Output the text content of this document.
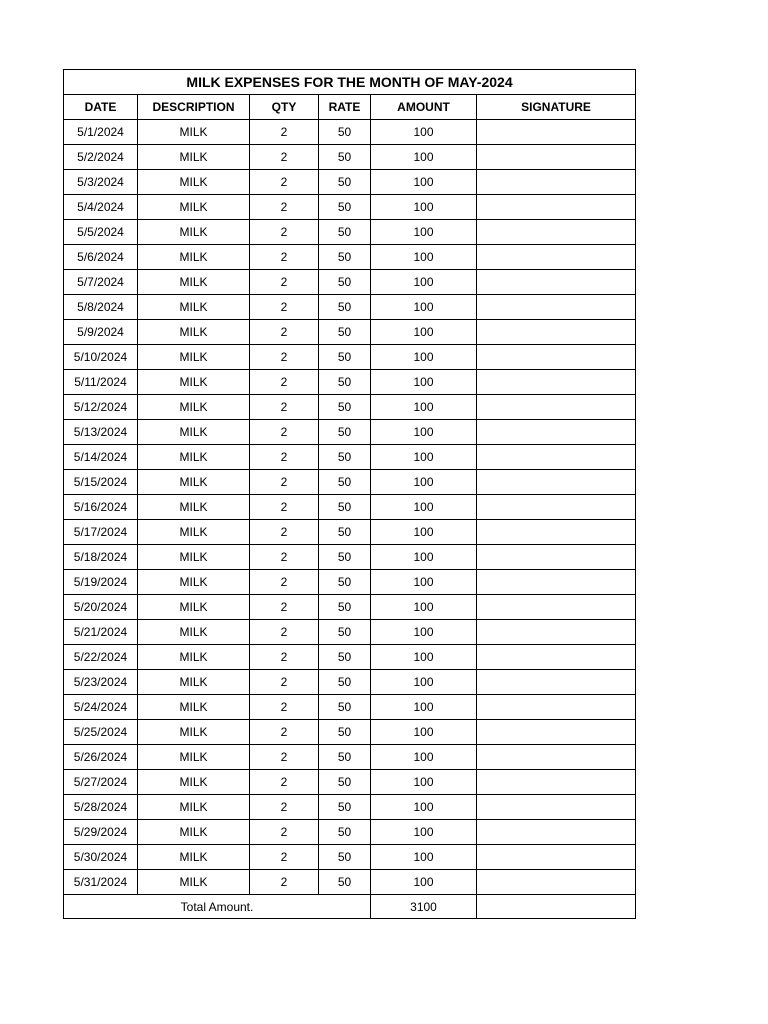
MILK EXPENSES FOR THE MONTH OF MAY-2024					
DATE	DESCRIPTION	QTY	RATE	AMOUNT	SIGNATURE
5/1/2024	MILK	2	50	100	
5/2/2024	MILK	2	50	100	
5/3/2024	MILK	2	50	100	
5/4/2024	MILK	2	50	100	
5/5/2024	MILK	2	50	100	
5/6/2024	MILK	2	50	100	
5/7/2024	MILK	2	50	100	
5/8/2024	MILK	2	50	100	
5/9/2024	MILK	2	50	100	
5/10/2024	MILK	2	50	100	
5/11/2024	MILK	2	50	100	
5/12/2024	MILK	2	50	100	
5/13/2024	MILK	2	50	100	
5/14/2024	MILK	2	50	100	
5/15/2024	MILK	2	50	100	
5/16/2024	MILK	2	50	100	
5/17/2024	MILK	2	50	100	
5/18/2024	MILK	2	50	100	
5/19/2024	MILK	2	50	100	
5/20/2024	MILK	2	50	100	
5/21/2024	MILK	2	50	100	
5/22/2024	MILK	2	50	100	
5/23/2024	MILK	2	50	100	
5/24/2024	MILK	2	50	100	
5/25/2024	MILK	2	50	100	
5/26/2024	MILK	2	50	100	
5/27/2024	MILK	2	50	100	
5/28/2024	MILK	2	50	100	
5/29/2024	MILK	2	50	100	
5/30/2024	MILK	2	50	100	
5/31/2024	MILK	2	50	100	
Total Amount.				3100	
